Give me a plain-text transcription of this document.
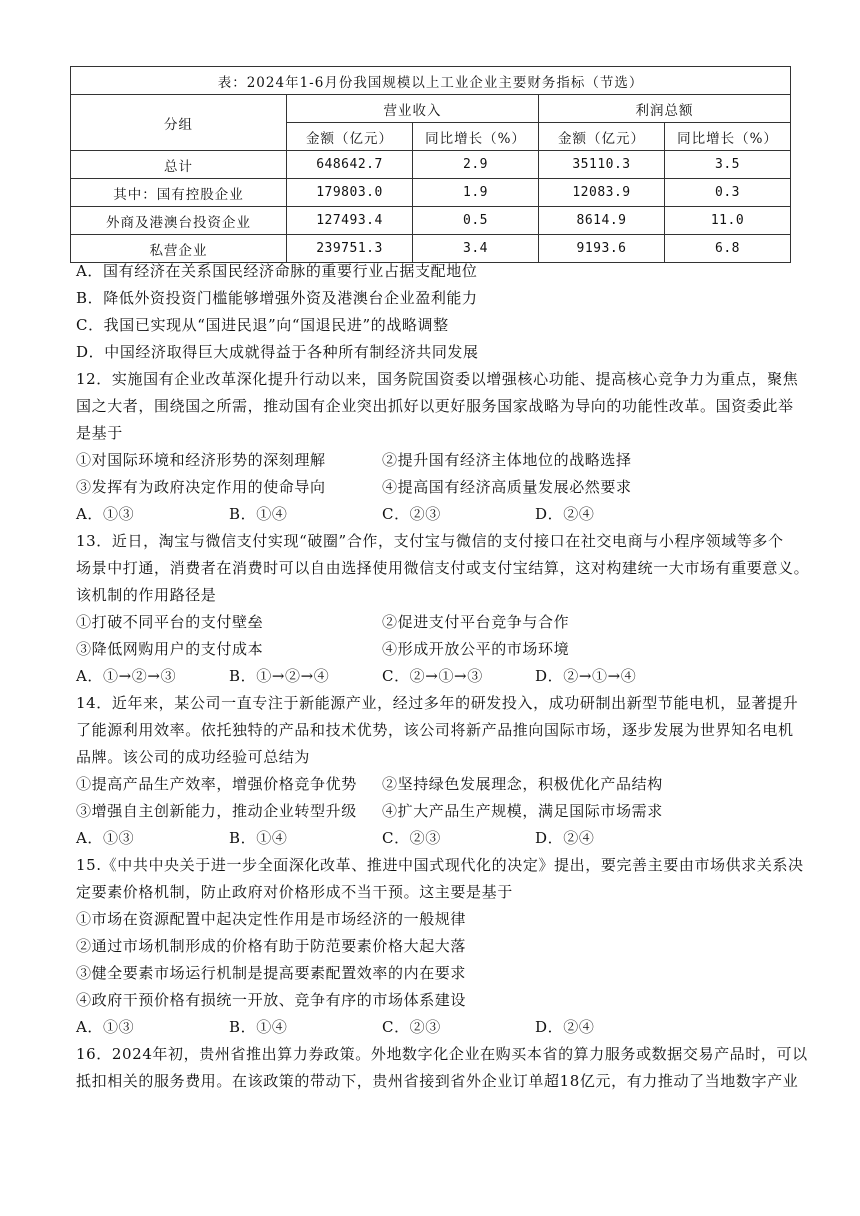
表：2024年1-6月份我国规模以上工业企业主要财务指标（节选）				
分组	营业收入		利润总额	
	金额（亿元）	同比增长（%）	金额（亿元）	同比增长（%）
总计	648642.7	2.9	35110.3	3.5
其中：国有控股企业	179803.0	1.9	12083.9	0.3
外商及港澳台投资企业	127493.4	0.5	8614.9	11.0
私营企业	239751.3	3.4	9193.6	6.8
A．国有经济在关系国民经济命脉的重要行业占据支配地位
B．降低外资投资门槛能够增强外资及港澳台企业盈利能力
C．我国已实现从“国进民退”向“国退民进”的战略调整
D．中国经济取得巨大成就得益于各种所有制经济共同发展
12．实施国有企业改革深化提升行动以来，国务院国资委以增强核心功能、提高核心竞争力为重点，聚焦
国之大者，围绕国之所需，推动国有企业突出抓好以更好服务国家战略为导向的功能性改革。国资委此举
是基于
①对国际环境和经济形势的深刻理解	②提升国有经济主体地位的战略选择
③发挥有为政府决定作用的使命导向	④提高国有经济高质量发展必然要求
A．①③	B．①④	C．②③	D．②④
13．近日，淘宝与微信支付实现“破圈”合作，支付宝与微信的支付接口在社交电商与小程序领域等多个
场景中打通，消费者在消费时可以自由选择使用微信支付或支付宝结算，这对构建统一大市场有重要意义。
该机制的作用路径是
①打破不同平台的支付壁垒	②促进支付平台竞争与合作
③降低网购用户的支付成本	④形成开放公平的市场环境
A．①→②→③	B．①→②→④	C．②→①→③	D．②→①→④
14．近年来，某公司一直专注于新能源产业，经过多年的研发投入，成功研制出新型节能电机，显著提升
了能源利用效率。依托独特的产品和技术优势，该公司将新产品推向国际市场，逐步发展为世界知名电机
品牌。该公司的成功经验可总结为
①提高产品生产效率，增强价格竞争优势	②坚持绿色发展理念，积极优化产品结构
③增强自主创新能力，推动企业转型升级	④扩大产品生产规模，满足国际市场需求
A．①③	B．①④	C．②③	D．②④
15.《中共中央关于进一步全面深化改革、推进中国式现代化的决定》提出，要完善主要由市场供求关系决
定要素价格机制，防止政府对价格形成不当干预。这主要是基于
①市场在资源配置中起决定性作用是市场经济的一般规律
②通过市场机制形成的价格有助于防范要素价格大起大落
③健全要素市场运行机制是提高要素配置效率的内在要求
④政府干预价格有损统一开放、竞争有序的市场体系建设
A．①③	B．①④	C．②③	D．②④
16．2024年初，贵州省推出算力券政策。外地数字化企业在购买本省的算力服务或数据交易产品时，可以
抵扣相关的服务费用。在该政策的带动下，贵州省接到省外企业订单超18亿元，有力推动了当地数字产业
